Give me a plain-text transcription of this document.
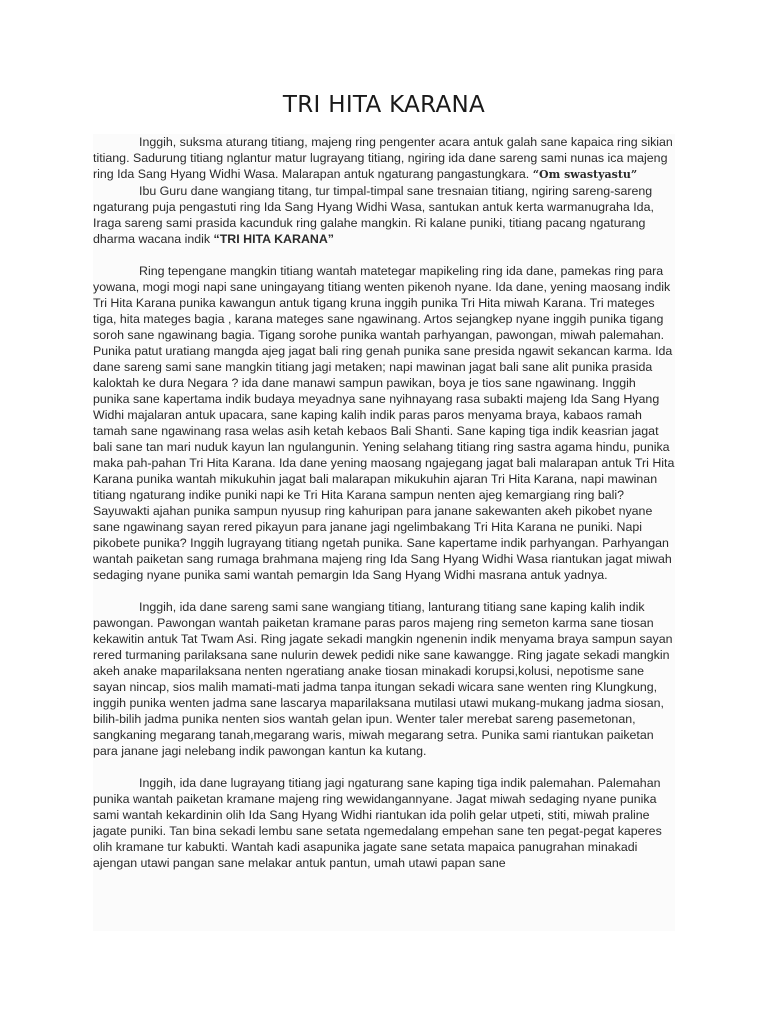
TRI HITA KARANA

Inggih, suksma aturang titiang, majeng ring pengenter acara antuk galah sane kapaica ring sikian titiang. Sadurung titiang nglantur matur lugrayang titiang, ngiring ida dane sareng sami nunas ica majeng ring Ida Sang Hyang Widhi Wasa. Malarapan antuk ngaturang pangastungkara. “Om swastyastu”

Ibu Guru dane wangiang titang, tur timpal-timpal sane tresnaian titiang, ngiring sareng-sareng ngaturang puja pengastuti ring Ida Sang Hyang Widhi Wasa, santukan antuk kerta warmanugraha Ida, Iraga sareng sami prasida kacunduk ring galahe mangkin. Ri kalane puniki, titiang pacang ngaturang dharma wacana indik “TRI HITA KARANA”

Ring tepengane mangkin titiang wantah matetegar mapikeling ring ida dane, pamekas ring para yowana, mogi mogi napi sane uningayang titiang wenten pikenoh nyane. Ida dane, yening maosang indik Tri Hita Karana punika kawangun antuk tigang kruna inggih punika Tri Hita miwah Karana. Tri mateges tiga, hita mateges bagia , karana mateges sane ngawinang. Artos sejangkep nyane inggih punika tigang soroh sane ngawinang bagia. Tigang sorohe punika wantah parhyangan, pawongan, miwah palemahan. Punika patut uratiang mangda ajeg jagat bali ring genah punika sane presida ngawit sekancan karma. Ida dane sareng sami sane mangkin titiang jagi metaken; napi mawinan jagat bali sane alit punika prasida kaloktah ke dura Negara ? ida dane manawi sampun pawikan, boya je tios sane ngawinang. Inggih punika sane kapertama indik budaya meyadnya sane nyihnayang rasa subakti majeng Ida Sang Hyang Widhi majalaran antuk upacara, sane kaping kalih indik paras paros menyama braya, kabaos ramah tamah sane ngawinang rasa welas asih ketah kebaos Bali Shanti. Sane kaping tiga indik keasrian jagat bali sane tan mari nuduk kayun lan ngulangunin. Yening selahang titiang ring sastra agama hindu, punika maka pah-pahan Tri Hita Karana. Ida dane yening maosang ngajegang jagat bali malarapan antuk Tri Hita Karana punika wantah mikukuhin jagat bali malarapan mikukuhin ajaran Tri Hita Karana, napi mawinan titiang ngaturang indike puniki napi ke Tri Hita Karana sampun nenten ajeg kemargiang ring bali? Sayuwakti ajahan punika sampun nyusup ring kahuripan para janane sakewanten akeh pikobet nyane sane ngawinang sayan rered pikayun para janane jagi ngelimbakang Tri Hita Karana ne puniki. Napi pikobete punika? Inggih lugrayang titiang ngetah punika. Sane kapertame indik parhyangan. Parhyangan wantah paiketan sang rumaga brahmana majeng ring Ida Sang Hyang Widhi Wasa riantukan jagat miwah sedaging nyane punika sami wantah pemargin Ida Sang Hyang Widhi masrana antuk yadnya.

Inggih, ida dane sareng sami sane wangiang titiang, lanturang titiang sane kaping kalih indik pawongan. Pawongan wantah paiketan kramane paras paros majeng ring semeton karma sane tiosan kekawitin antuk Tat Twam Asi. Ring jagate sekadi mangkin ngenenin indik menyama braya sampun sayan rered turmaning parilaksana sane nulurin dewek pedidi nike sane kawangge. Ring jagate sekadi mangkin akeh anake maparilaksana nenten ngeratiang anake tiosan minakadi korupsi,kolusi, nepotisme sane sayan nincap, sios malih mamati-mati jadma tanpa itungan sekadi wicara sane wenten ring Klungkung, inggih punika wenten jadma sane lascarya maparilaksana mutilasi utawi mukang-mukang jadma siosan, bilih-bilih jadma punika nenten sios wantah gelan ipun. Wenter taler merebat sareng pasemetonan, sangkaning megarang tanah,megarang waris, miwah megarang setra. Punika sami riantukan paiketan para janane jagi nelebang indik pawongan kantun ka kutang.

Inggih, ida dane lugrayang titiang jagi ngaturang sane kaping tiga indik palemahan. Palemahan punika wantah paiketan kramane majeng ring wewidangannyane. Jagat miwah sedaging nyane punika sami wantah kekardinin olih Ida Sang Hyang Widhi riantukan ida polih gelar utpeti, stiti, miwah praline jagate puniki. Tan bina sekadi lembu sane setata ngemedalang empehan sane ten pegat-pegat kaperes olih kramane tur kabukti. Wantah kadi asapunika jagate sane setata mapaica panugrahan minakadi ajengan utawi pangan sane melakar antuk pantun, umah utawi papan sane
